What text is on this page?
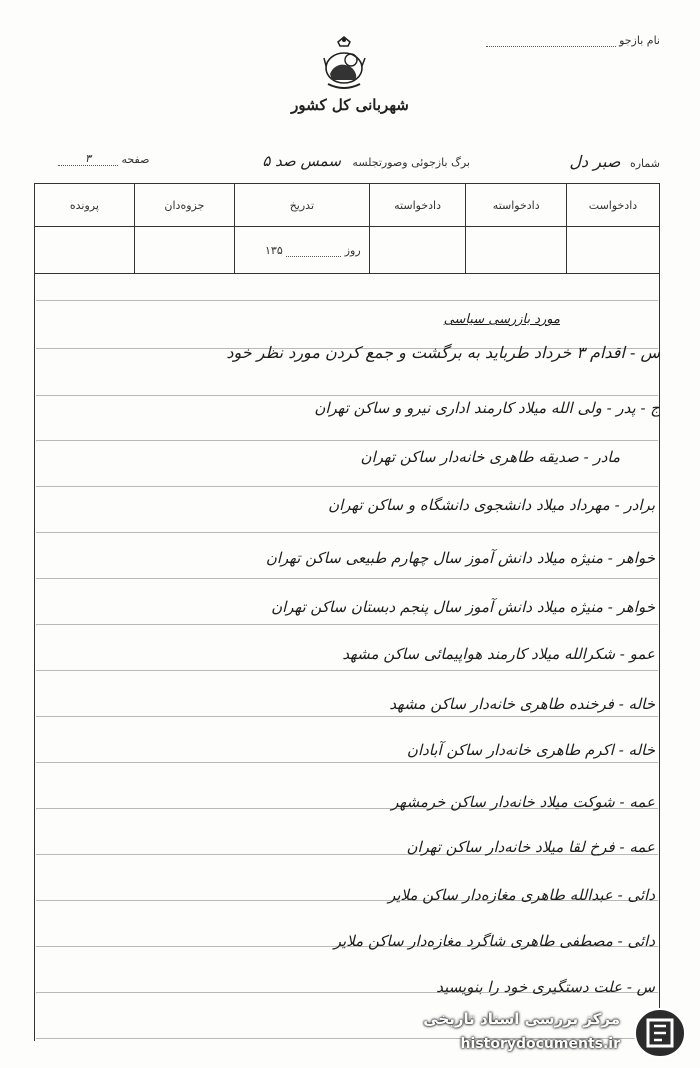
نام بازجو
شهربانی کل کشور
شماره صبر دل
برگ بازجوئی وصورتجلسه سمس صد ۵
صفحه ۳
دادخواست	دادخواسته	دادخواسته	تدریخ	جزوه‌دان	پرونده
			روز  ۱۳۵		
مورد بازرسی سیاسی
س - اقدام ۳ خرداد طرباید به برگشت و جمع کردن مورد نظر خود
ج - پدر - ولی الله میلاد کارمند اداری نیرو و ساکن تهران
مادر - صدیقه طاهری خانه‌دار ساکن تهران
برادر - مهرداد میلاد دانشجوی دانشگاه و ساکن تهران
خواهر - منیژه میلاد دانش آموز سال چهارم طبیعی ساکن تهران
خواهر - منیژه میلاد دانش آموز سال پنجم دبستان ساکن تهران
عمو - شکرالله میلاد کارمند هواپیمائی ساکن مشهد
خاله - فرخنده طاهری خانه‌دار ساکن مشهد
خاله - اکرم طاهری خانه‌دار ساکن آبادان
عمه - شوکت میلاد خانه‌دار ساکن خرمشهر
عمه - فرخ لقا میلاد خانه‌دار ساکن تهران
دائی - عبدالله طاهری مغازه‌دار ساکن ملایر
دائی - مصطفی طاهری شاگرد مغازه‌دار ساکن ملایر
س - علت دستگیری خود را بنویسید
مرکز بررسی اسناد تاریخی
historydocuments.ir
